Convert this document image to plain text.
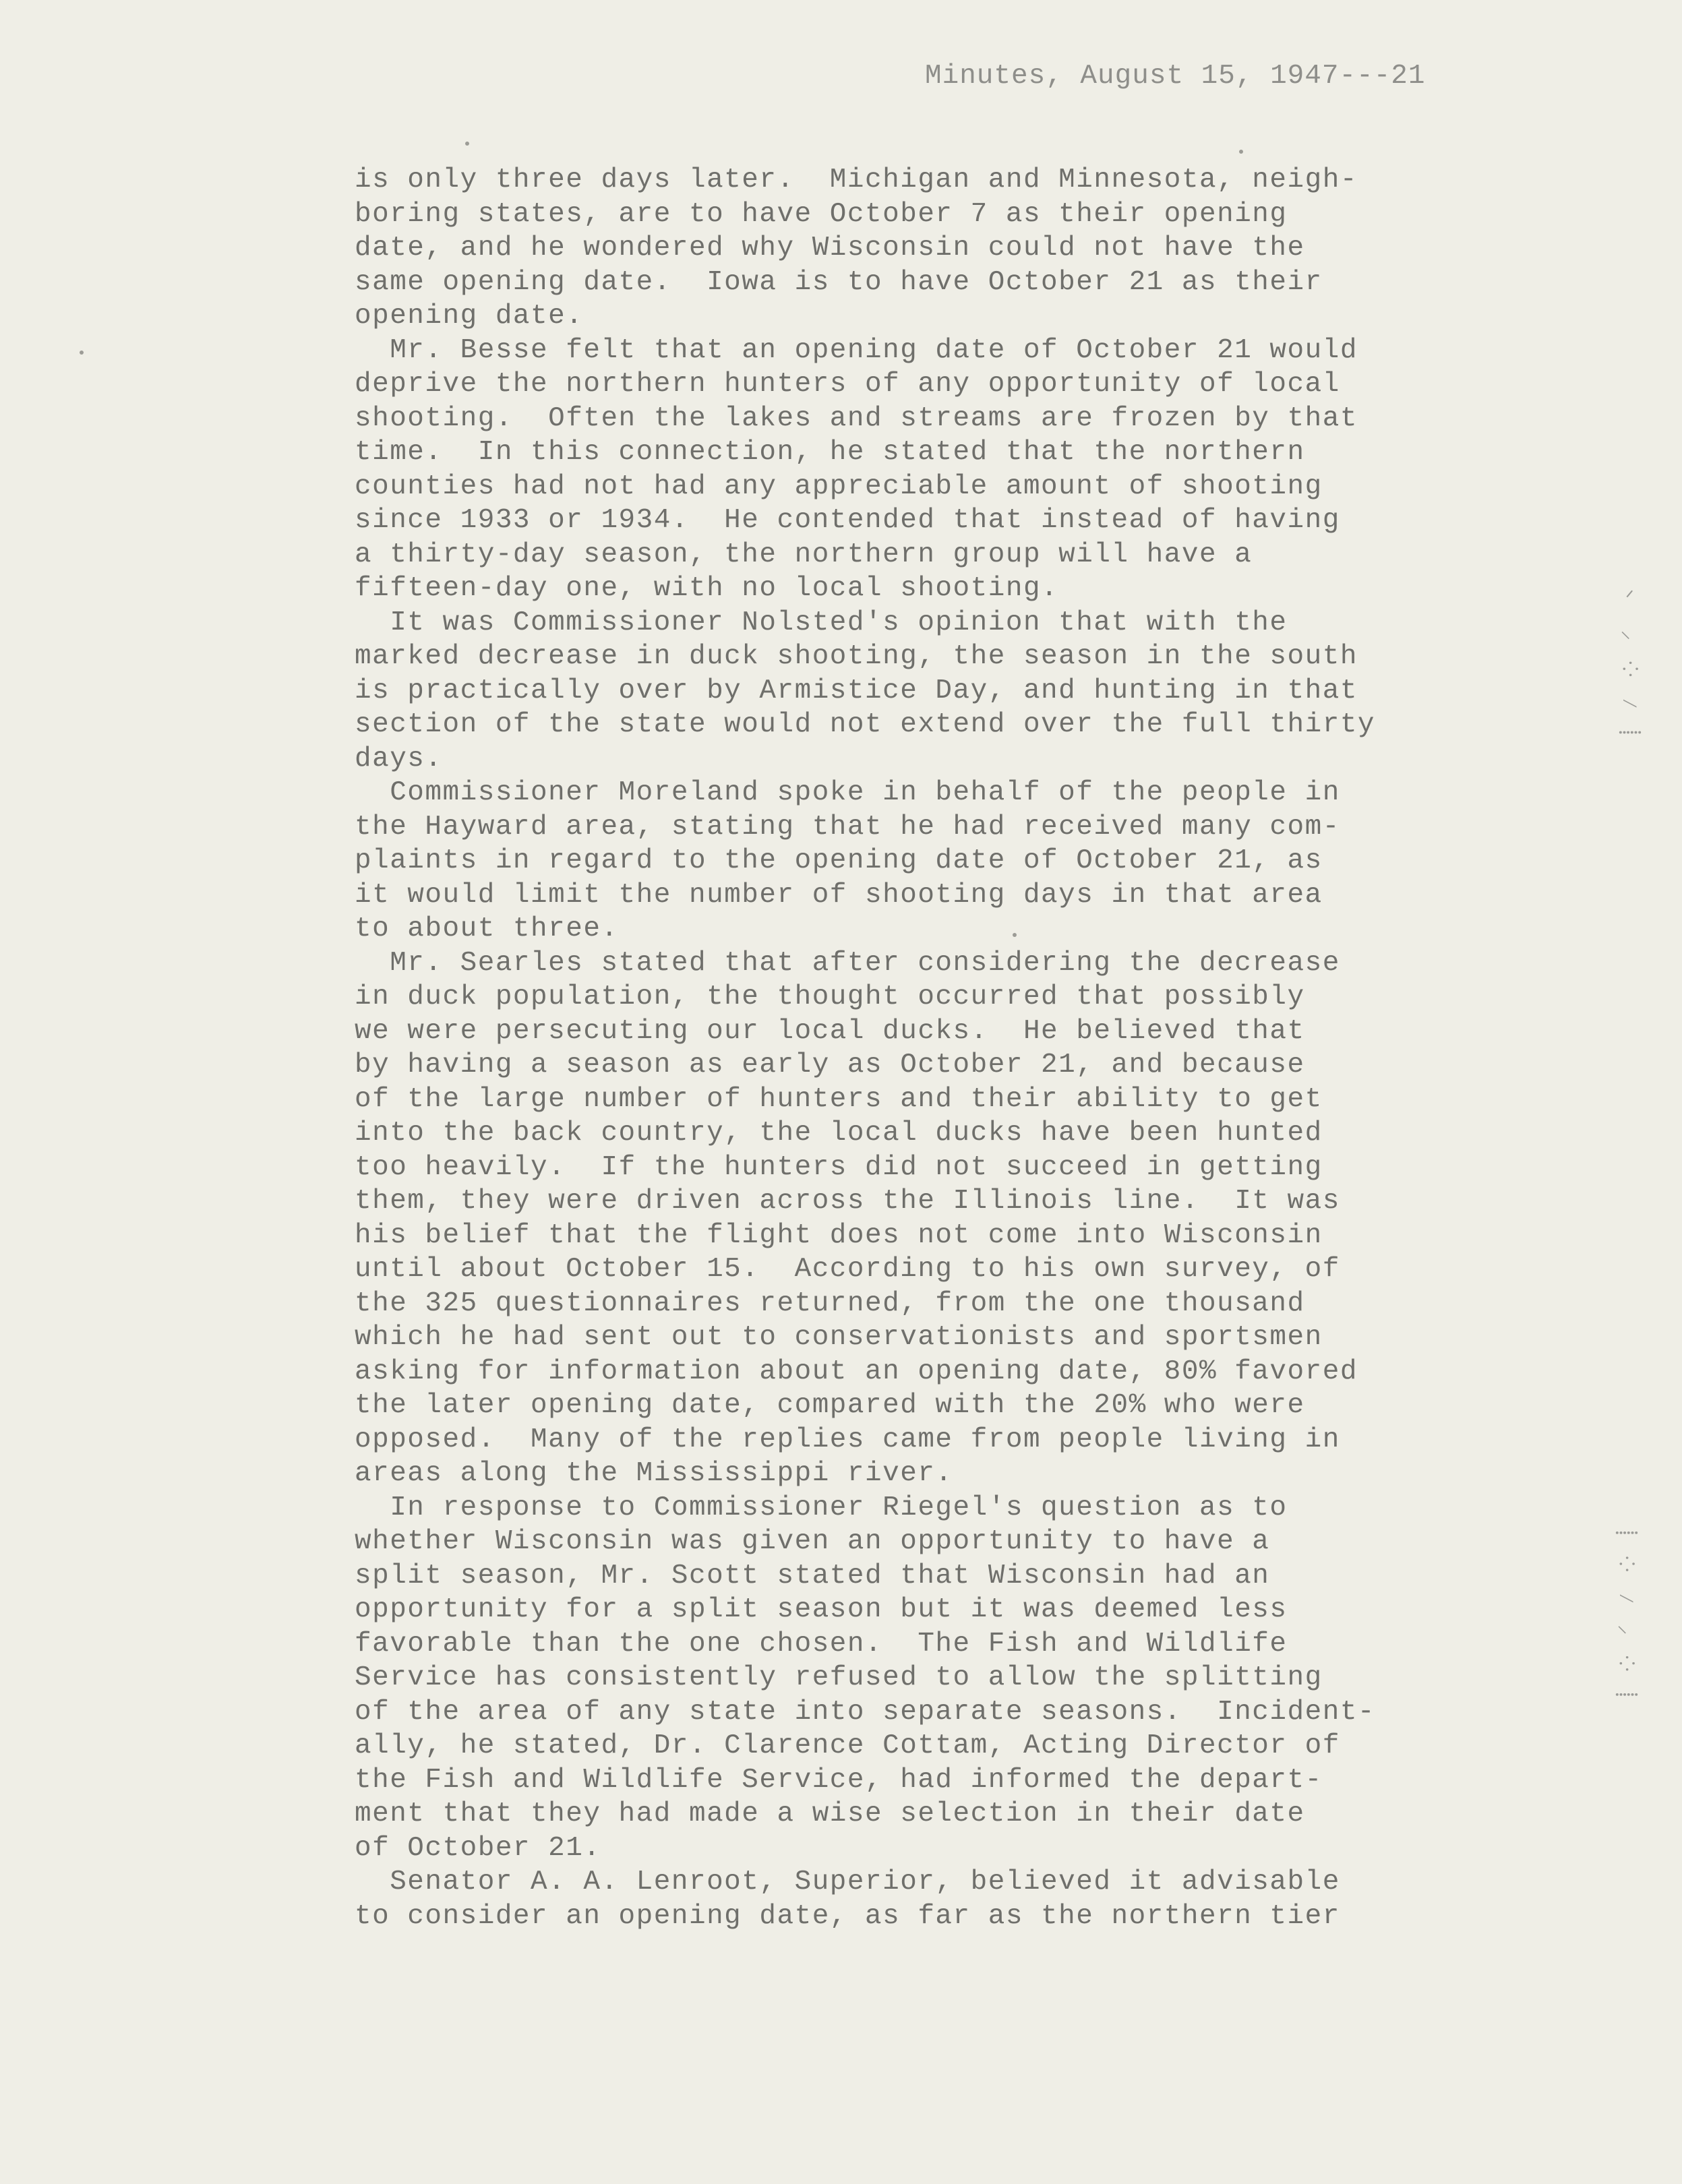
Minutes, August 15, 1947---21
is only three days later.  Michigan and Minnesota, neigh-
boring states, are to have October 7 as their opening
date, and he wondered why Wisconsin could not have the
same opening date.  Iowa is to have October 21 as their
opening date.
Mr. Besse felt that an opening date of October 21 would
deprive the northern hunters of any opportunity of local
shooting.  Often the lakes and streams are frozen by that
time.  In this connection, he stated that the northern
counties had not had any appreciable amount of shooting
since 1933 or 1934.  He contended that instead of having
a thirty-day season, the northern group will have a
fifteen-day one, with no local shooting.
It was Commissioner Nolsted's opinion that with the
marked decrease in duck shooting, the season in the south
is practically over by Armistice Day, and hunting in that
section of the state would not extend over the full thirty
days.
Commissioner Moreland spoke in behalf of the people in
the Hayward area, stating that he had received many com-
plaints in regard to the opening date of October 21, as
it would limit the number of shooting days in that area
to about three.
Mr. Searles stated that after considering the decrease
in duck population, the thought occurred that possibly
we were persecuting our local ducks.  He believed that
by having a season as early as October 21, and because
of the large number of hunters and their ability to get
into the back country, the local ducks have been hunted
too heavily.  If the hunters did not succeed in getting
them, they were driven across the Illinois line.  It was
his belief that the flight does not come into Wisconsin
until about October 15.  According to his own survey, of
the 325 questionnaires returned, from the one thousand
which he had sent out to conservationists and sportsmen
asking for information about an opening date, 80% favored
the later opening date, compared with the 20% who were
opposed.  Many of the replies came from people living in
areas along the Mississippi river.
In response to Commissioner Riegel's question as to
whether Wisconsin was given an opportunity to have a
split season, Mr. Scott stated that Wisconsin had an
opportunity for a split season but it was deemed less
favorable than the one chosen.  The Fish and Wildlife
Service has consistently refused to allow the splitting
of the area of any state into separate seasons.  Incident-
ally, he stated, Dr. Clarence Cottam, Acting Director of
the Fish and Wildlife Service, had informed the depart-
ment that they had made a wise selection in their date
of October 21.
Senator A. A. Lenroot, Superior, believed it advisable
to consider an opening date, as far as the northern tier
ᐟ ⸝ ⁘ ⁄ ⸽
⸽ ⁘ ⁄ ⸝ ⁘ ⸽
